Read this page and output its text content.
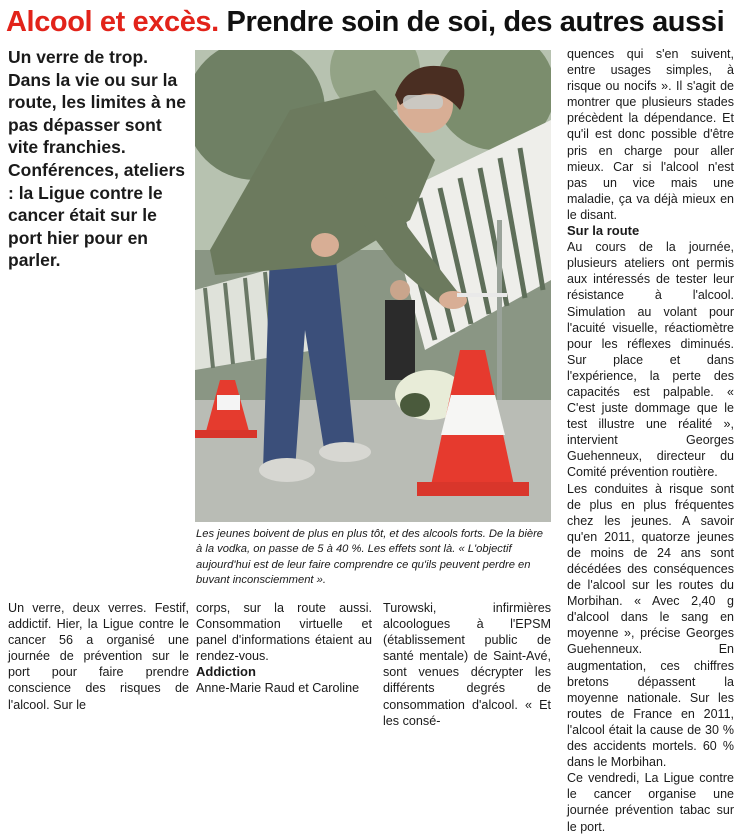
Alcool et excès. Prendre soin de soi, des autres aussi
Un verre de trop. Dans la vie ou sur la route, les limites à ne pas dépasser sont vite franchies. Conférences, ateliers : la Ligue contre le cancer était sur le port hier pour en parler.
Les jeunes boivent de plus en plus tôt, et des alcools forts. De la bière à la vodka, on passe de 5 à 40 %. Les effets sont là. « L'objectif aujourd'hui est de leur faire comprendre ce qu'ils peuvent perdre en buvant inconsciemment ».

Un verre, deux verres. Festif, addictif. Hier, la Ligue contre le cancer 56 a organisé une journée de prévention sur le port pour faire prendre conscience des risques de l'alcool. Sur le

corps, sur la route aussi. Consommation virtuelle et panel d'informations étaient au rendez-vous.

Addiction

Anne-Marie Raud et Caroline

Turowski, infirmières alcoologues à l'EPSM (établissement public de santé mentale) de Saint-Avé, sont venues décrypter les différents degrés de consommation d'alcool. « Et les consé-

quences qui s'en suivent, entre usages simples, à risque ou nocifs ». Il s'agit de montrer que plusieurs stades précèdent la dépendance. Et qu'il est donc possible d'être pris en charge pour aller mieux. Car si l'alcool n'est pas un vice mais une maladie, ça va déjà mieux en le disant.

Sur la route

Au cours de la journée, plusieurs ateliers ont permis aux intéressés de tester leur résistance à l'alcool. Simulation au volant pour l'acuité visuelle, réactiomètre pour les réflexes diminués. Sur place et dans l'expérience, la perte des capacités est palpable. « C'est juste dommage que le test illustre une réalité », intervient Georges Guehenneux, directeur du Comité prévention routière.

Les conduites à risque sont de plus en plus fréquentes chez les jeunes. A savoir qu'en 2011, quatorze jeunes de moins de 24 ans sont décédées des conséquences de l'alcool sur les routes du Morbihan. « Avec 2,40 g d'alcool dans le sang en moyenne », précise Georges Guehenneux. En augmentation, ces chiffres bretons dépassent la moyenne nationale. Sur les routes de France en 2011, l'alcool était la cause de 30 % des accidents mortels. 60 % dans le Morbihan.

Ce vendredi, La Ligue contre le cancer organise une journée prévention tabac sur le port.
